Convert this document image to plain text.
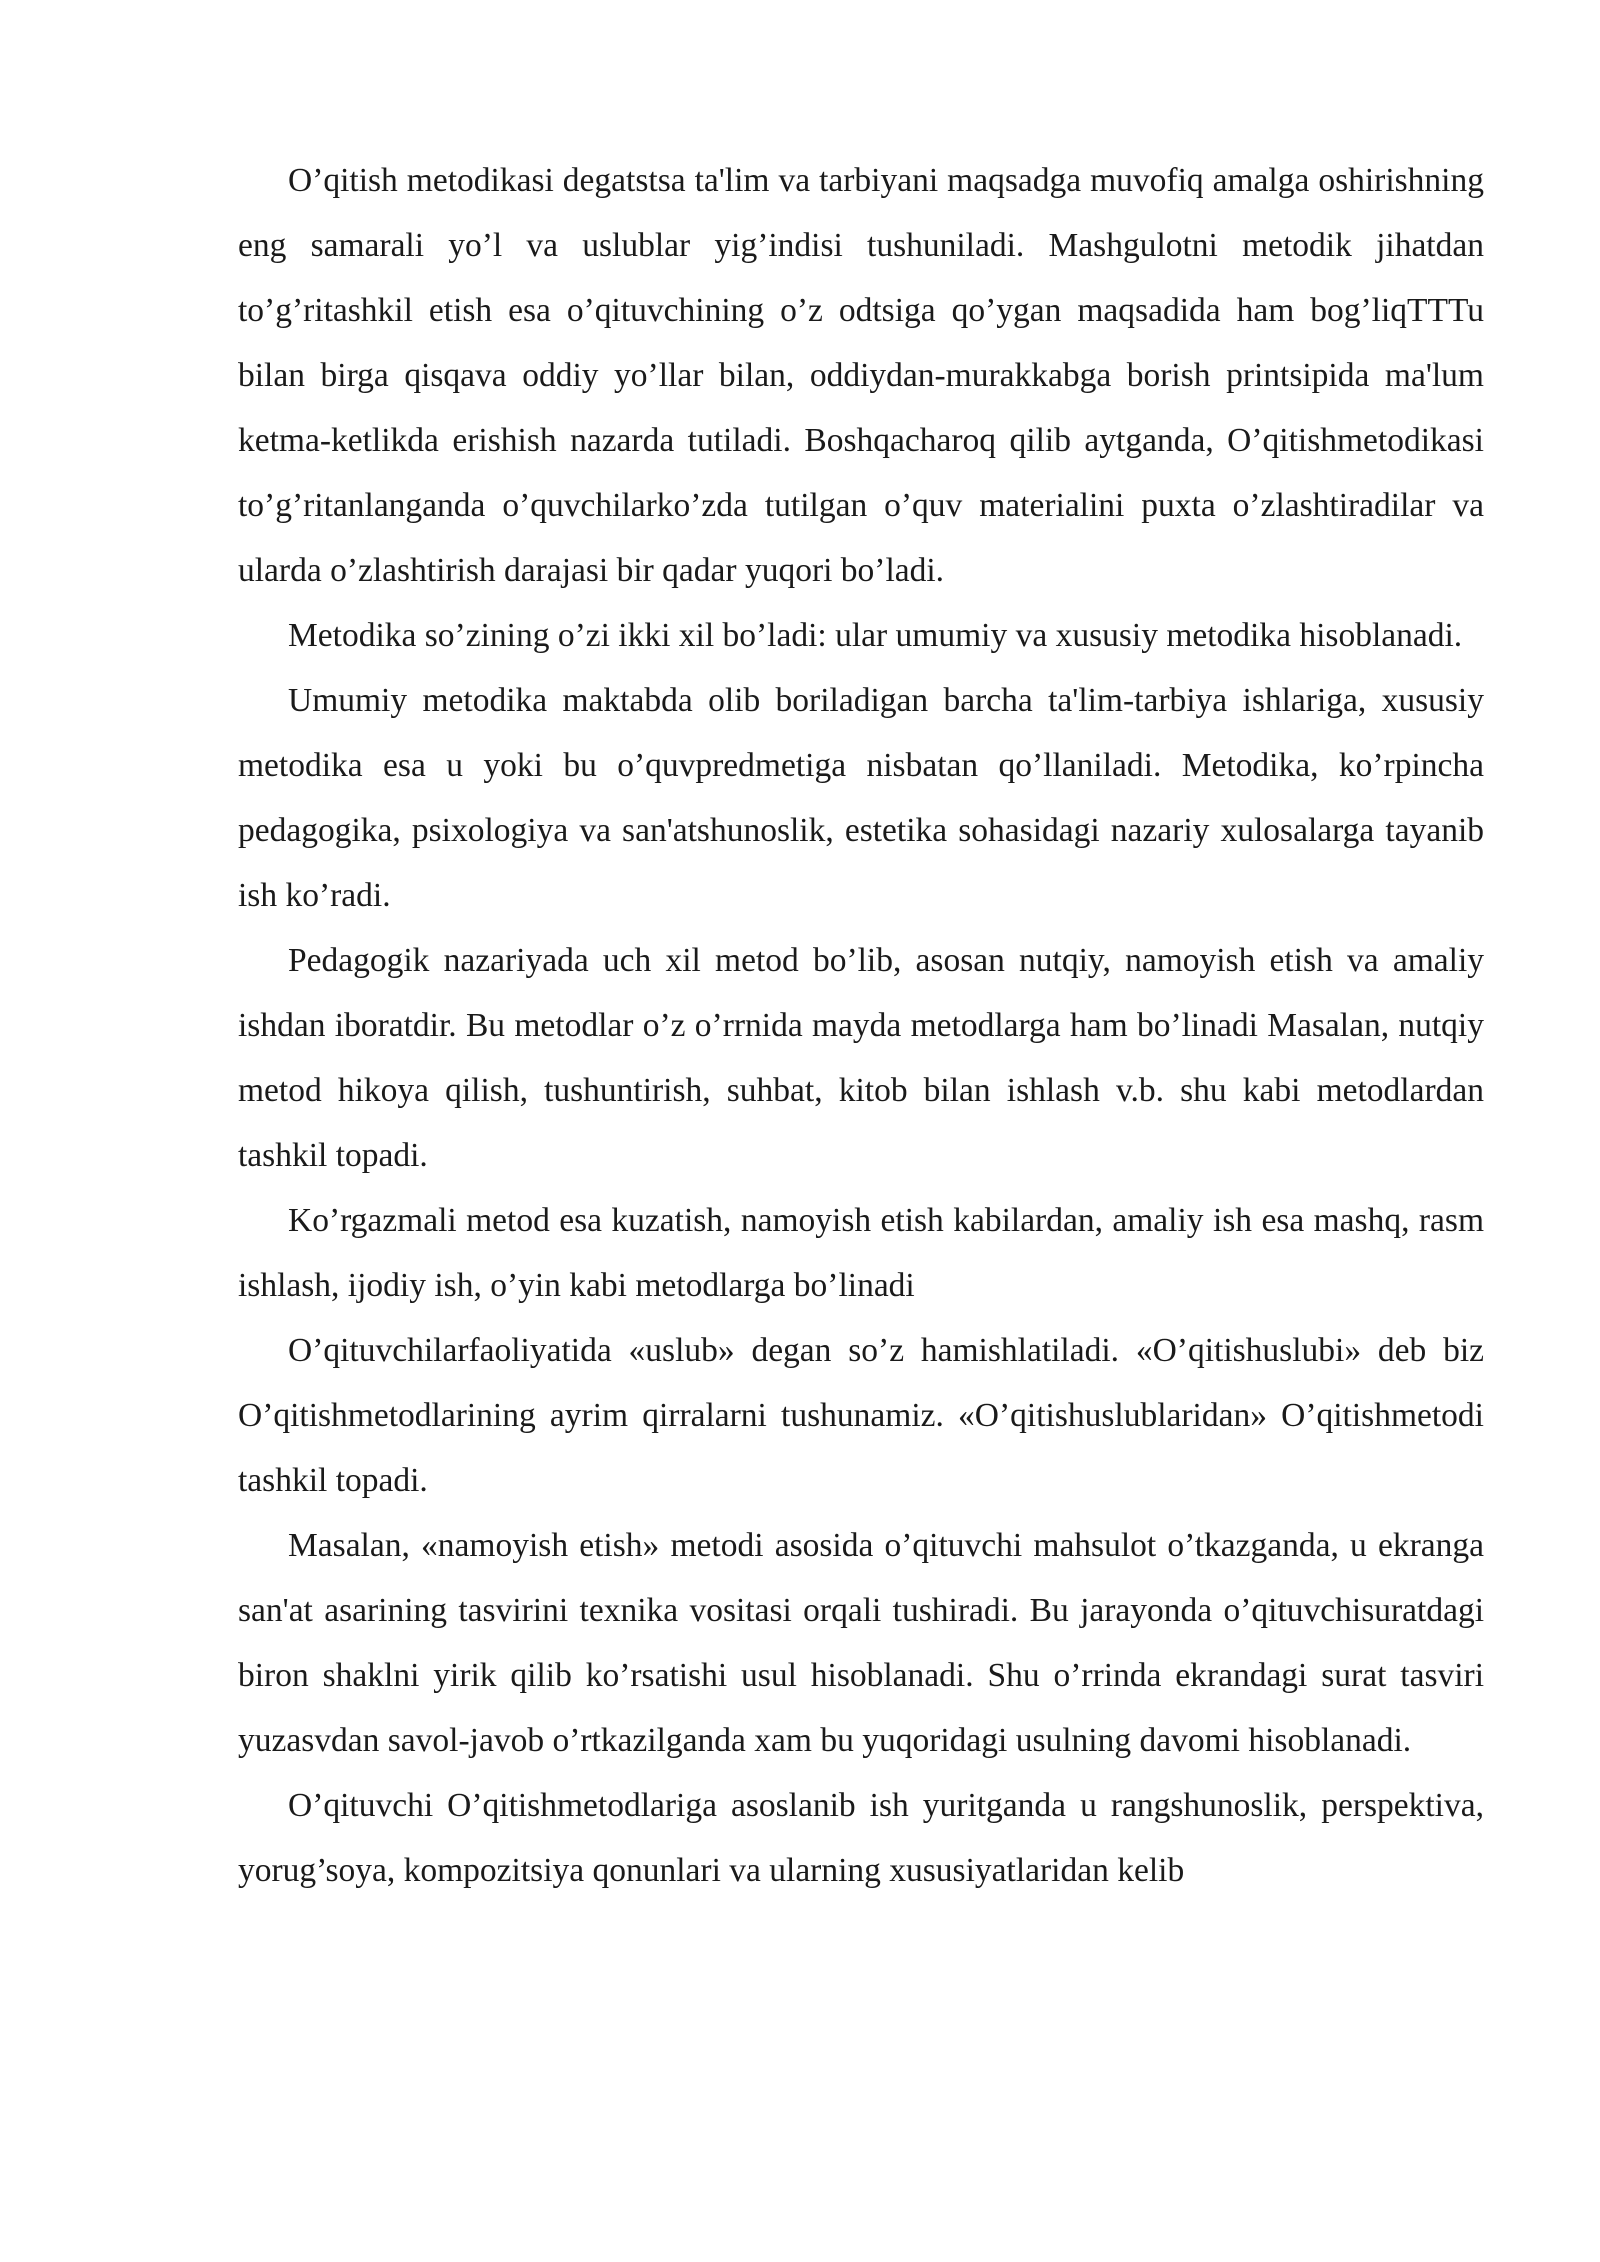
O’qitish metodikasi degatstsa ta'lim va tarbiyani maqsadga muvofiq amalga oshirishning eng samarali yo’l va uslublar yig’indisi tushuniladi. Mashgulotni metodik jihatdan to’g’ritashkil etish esa o’qituvchining o’z odtsiga qo’ygan maqsadida ham bog’liqTTTu bilan birga qisqava oddiy yo’llar bilan, oddiydan-murakkabga borish printsipida ma'lum ketma-ketlikda erishish nazarda tutiladi. Boshqacharoq qilib aytganda, O’qitishmetodikasi to’g’ritanlanganda o’quvchilarko’zda tutilgan o’quv materialini puxta o’zlashtiradilar va ularda o’zlashtirish darajasi bir qadar yuqori bo’ladi.

Metodika so’zining o’zi ikki xil bo’ladi: ular umumiy va xususiy metodika hisoblanadi.

Umumiy metodika maktabda olib boriladigan barcha ta'lim-tarbiya ishlariga, xususiy metodika esa u yoki bu o’quvpredmetiga nisbatan qo’llaniladi. Metodika, ko’rpincha pedagogika, psixologiya va san'atshunoslik, estetika sohasidagi nazariy xulosalarga tayanib ish ko’radi.

Pedagogik nazariyada uch xil metod bo’lib, asosan nutqiy, namoyish etish va amaliy ishdan iboratdir. Bu metodlar o’z o’rrnida mayda metodlarga ham bo’linadi Masalan, nutqiy metod hikoya qilish, tushuntirish, suhbat, kitob bilan ishlash v.b. shu kabi metodlardan tashkil topadi.

Ko’rgazmali metod esa kuzatish, namoyish etish kabilardan, amaliy ish esa mashq, rasm ishlash, ijodiy ish, o’yin kabi metodlarga bo’linadi

O’qituvchilarfaoliyatida «uslub» degan so’z hamishlatiladi. «O’qitishuslubi» deb biz O’qitishmetodlarining ayrim qirralarni tushunamiz. «O’qitishuslublaridan» O’qitishmetodi tashkil topadi.

Masalan, «namoyish etish» metodi asosida o’qituvchi mahsulot o’tkazganda, u ekranga san'at asarining tasvirini texnika vositasi orqali tushiradi. Bu jarayonda o’qituvchisuratdagi biron shaklni yirik qilib ko’rsatishi usul hisoblanadi. Shu o’rrinda ekrandagi surat tasviri yuzasvdan savol-javob o’rtkazilganda xam bu yuqoridagi usulning davomi hisoblanadi.

O’qituvchi O’qitishmetodlariga asoslanib ish yuritganda u rangshunoslik, perspektiva, yorug’soya, kompozitsiya qonunlari va ularning xususiyatlaridan kelib
